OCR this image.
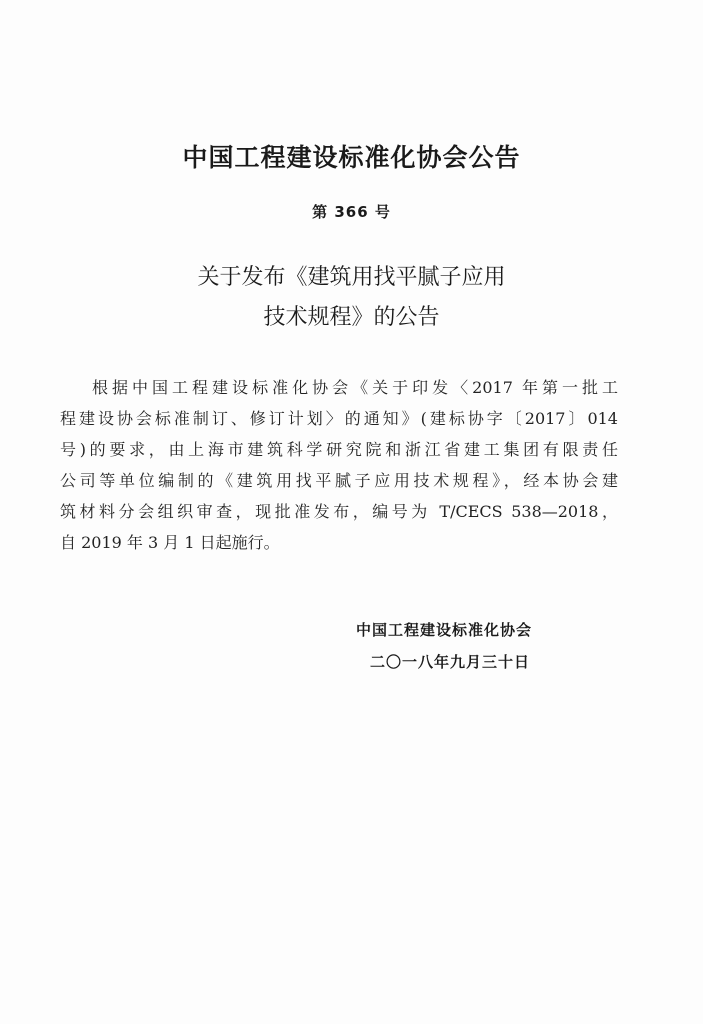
中国工程建设标准化协会公告
第 366 号
关于发布《建筑用找平腻子应用
技术规程》的公告
根据中国工程建设标准化协会《关于印发〈2017 年第一批工
程建设协会标准制订、修订计划〉的通知》(建标协字〔2017〕014
号)的要求，由上海市建筑科学研究院和浙江省建工集团有限责任
公司等单位编制的《建筑用找平腻子应用技术规程》，经本协会建
筑材料分会组织审查，现批准发布，编号为 T/CECS 538—2018，
自 2019 年 3 月 1 日起施行。
中国工程建设标准化协会
二〇一八年九月三十日
